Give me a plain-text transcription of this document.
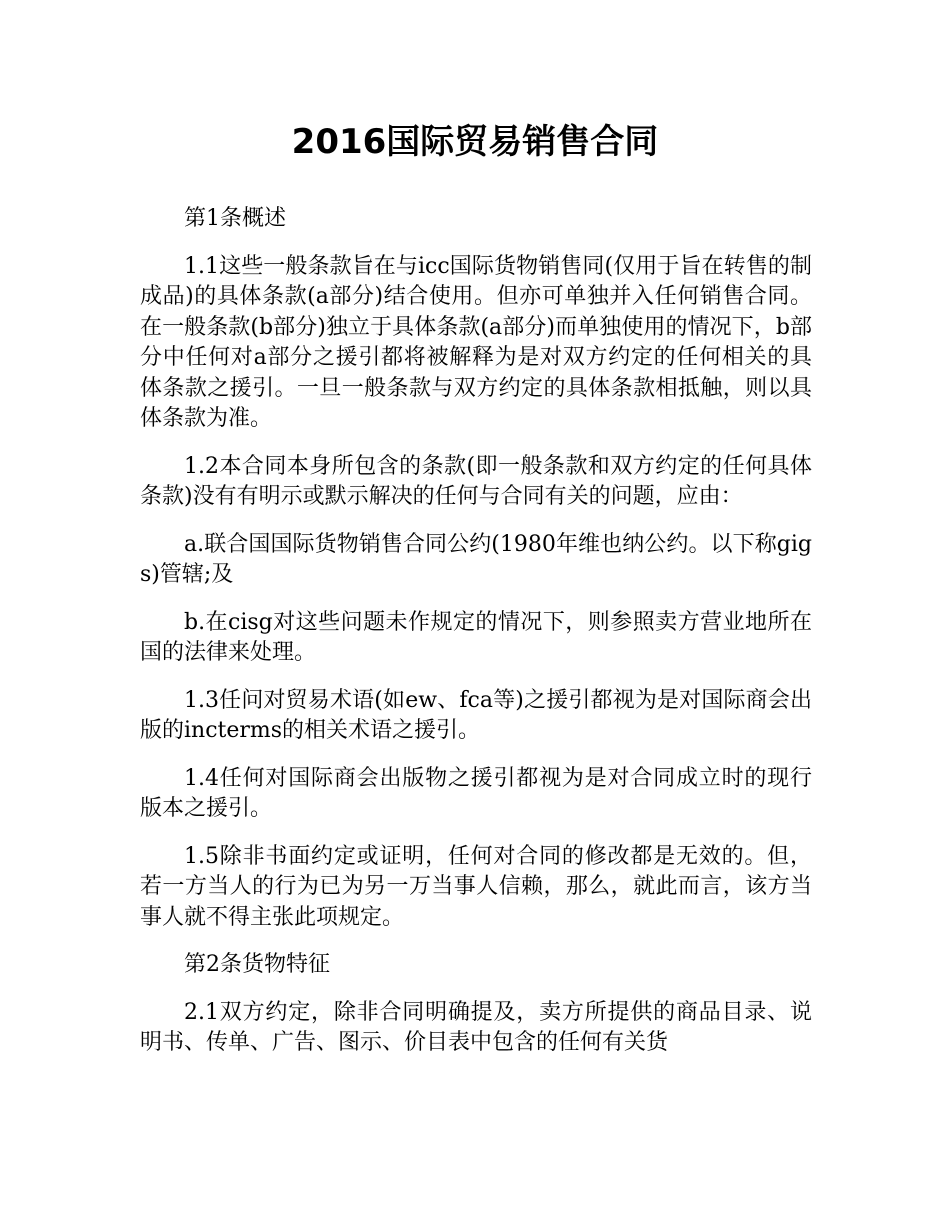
2016国际贸易销售合同

第1条概述

1.1这些一般条款旨在与icc国际货物销售同(仅用于旨在转售的制成品)的具体条款(a部分)结合使用。但亦可单独并入任何销售合同。在一般条款(b部分)独立于具体条款(a部分)而单独使用的情况下，b部分中任何对a部分之援引都将被解释为是对双方约定的任何相关的具体条款之援引。一旦一般条款与双方约定的具体条款相抵触，则以具体条款为准。

1.2本合同本身所包含的条款(即一般条款和双方约定的任何具体条款)没有有明示或默示解决的任何与合同有关的问题，应由：

a.联合国国际货物销售合同公约(1980年维也纳公约。以下称gigs)管辖;及

b.在cisg对这些问题未作规定的情况下，则参照卖方营业地所在国的法律来处理。

1.3任问对贸易术语(如ew、fca等)之援引都视为是对国际商会出版的incterms的相关术语之援引。

1.4任何对国际商会出版物之援引都视为是对合同成立时的现行版本之援引。

1.5除非书面约定或证明，任何对合同的修改都是无效的。但，若一方当人的行为已为另一万当事人信赖，那么，就此而言，该方当事人就不得主张此项规定。

第2条货物特征

2.1双方约定，除非合同明确提及，卖方所提供的商品目录、说明书、传单、广告、图示、价目表中包含的任何有关货
